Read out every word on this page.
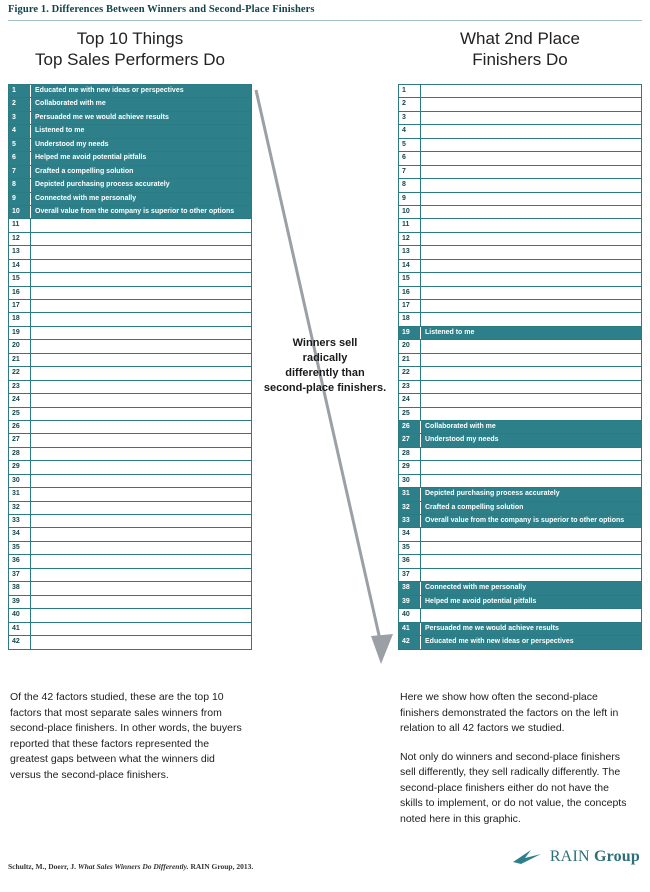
Figure 1. Differences Between Winners and Second-Place Finishers
Top 10 Things
Top Sales Performers Do
What 2nd Place
Finishers Do
1	Educated me with new ideas or perspectives
2	Collaborated with me
3	Persuaded me we would achieve results
4	Listened to me
5	Understood my needs
6	Helped me avoid potential pitfalls
7	Crafted a compelling solution
8	Depicted purchasing process accurately
9	Connected with me personally
10	Overall value from the company is superior to other options
11
12
13
14
15
16
17
18
19
20
21
22
23
24
25
26
27
28
29
30
31
32
33
34
35
36
37
38
39
40
41
42
1
2
3
4
5
6
7
8
9
10
11
12
13
14
15
16
17
18
19	Listened to me
20
21
22
23
24
25
26	Collaborated with me
27	Understood my needs
28
29
30
31	Depicted purchasing process accurately
32	Crafted a compelling solution
33	Overall value from the company is superior to other options
34
35
36
37
38	Connected with me personally
39	Helped me avoid potential pitfalls
40
41	Persuaded me we would achieve results
42	Educated me with new ideas or perspectives
Winners sell
radically
differently than
second-place finishers.

Of the 42 factors studied, these are the top 10 factors that most separate sales winners from second-place finishers. In other words, the buyers reported that these factors represented the greatest gaps between what the winners did versus the second-place finishers.

Here we show how often the second-place finishers demonstrated the factors on the left in relation to all 42 factors we studied.

Not only do winners and second-place finishers sell differently, they sell radically differently. The second-place finishers either do not have the skills to implement, or do not value, the concepts noted here in this graphic.

Schultz, M., Doerr, J. What Sales Winners Do Differently. RAIN Group, 2013.
RAIN Group
